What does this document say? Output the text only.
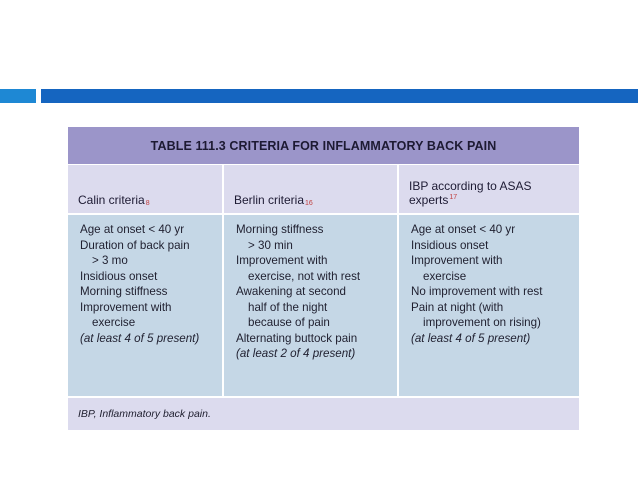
TABLE 111.3 CRITERIA FOR INFLAMMATORY BACK PAIN
Calin criteria 8	Berlin criteria 16
IBP according to ASAS experts$^{17}$
Age at onset < 40 yr
Duration of back pain
> 3 mo
Insidious onset
Morning stiffness
Improvement with
exercise
(at least 4 of 5 present)
Morning stiffness
> 30 min
Improvement with
exercise, not with rest
Awakening at second
half of the night
because of pain
Alternating buttock pain
(at least 2 of 4 present)
Age at onset < 40 yr
Insidious onset
Improvement with
exercise
No improvement with rest
Pain at night (with
improvement on rising)
(at least 4 of 5 present)
IBP, Inflammatory back pain.
